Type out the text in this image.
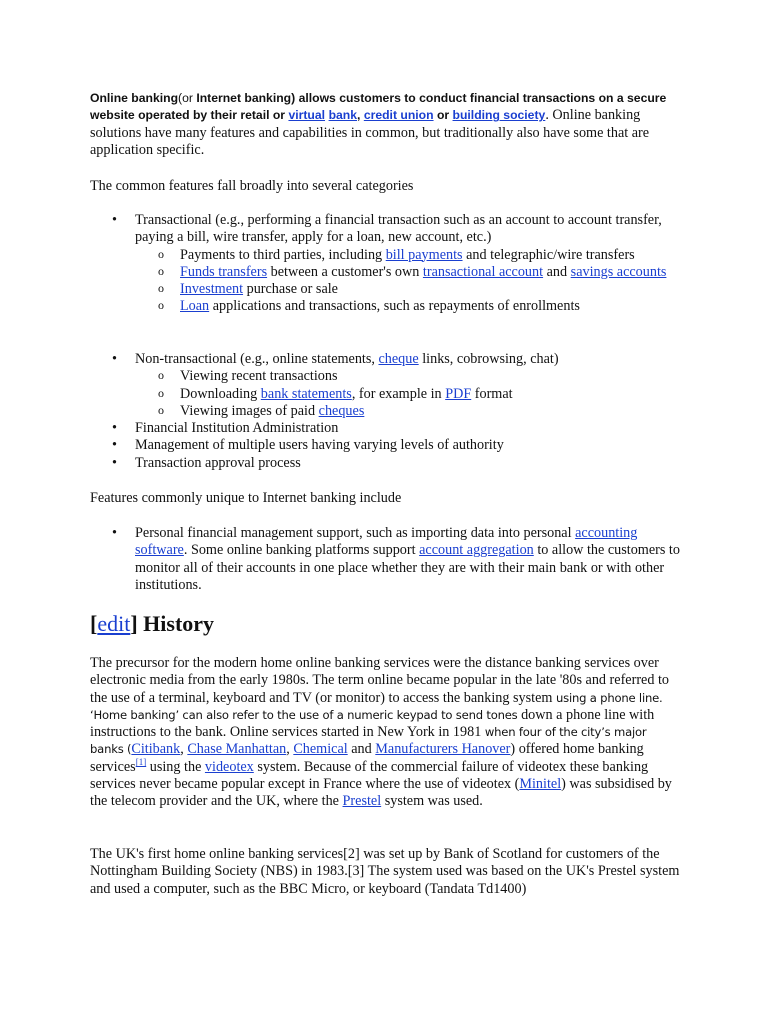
Online banking(or Internet banking) allows customers to conduct financial transactions on a secure website operated by their retail or virtual bank, credit union or building society. Online banking solutions have many features and capabilities in common, but traditionally also have some that are application specific.

The common features fall broadly into several categories

• Transactional (e.g., performing a financial transaction such as an account to account transfer, paying a bill, wire transfer, apply for a loan, new account, etc.)
o Payments to third parties, including bill payments and telegraphic/wire transfers
o Funds transfers between a customer's own transactional account and savings accounts
o Investment purchase or sale
o Loan applications and transactions, such as repayments of enrollments
• Non-transactional (e.g., online statements, cheque links, cobrowsing, chat)
o Viewing recent transactions
o Downloading bank statements, for example in PDF format
o Viewing images of paid cheques
• Financial Institution Administration
• Management of multiple users having varying levels of authority
• Transaction approval process

Features commonly unique to Internet banking include

• Personal financial management support, such as importing data into personal accounting software. Some online banking platforms support account aggregation to allow the customers to monitor all of their accounts in one place whether they are with their main bank or with other institutions.
[edit] History

The precursor for the modern home online banking services were the distance banking services over electronic media from the early 1980s. The term online became popular in the late '80s and referred to the use of a terminal, keyboard and TV (or monitor) to access the banking system using a phone line. ‘Home banking’ can also refer to the use of a numeric keypad to send tones down a phone line with instructions to the bank. Online services started in New York in 1981 when four of the city’s major banks (Citibank, Chase Manhattan, Chemical and Manufacturers Hanover) offered home banking services[1] using the videotex system. Because of the commercial failure of videotex these banking services never became popular except in France where the use of videotex (Minitel) was subsidised by the telecom provider and the UK, where the Prestel system was used.

The UK's first home online banking services[2] was set up by Bank of Scotland for customers of the Nottingham Building Society (NBS) in 1983.[3] The system used was based on the UK's Prestel system and used a computer, such as the BBC Micro, or keyboard (Tandata Td1400)
